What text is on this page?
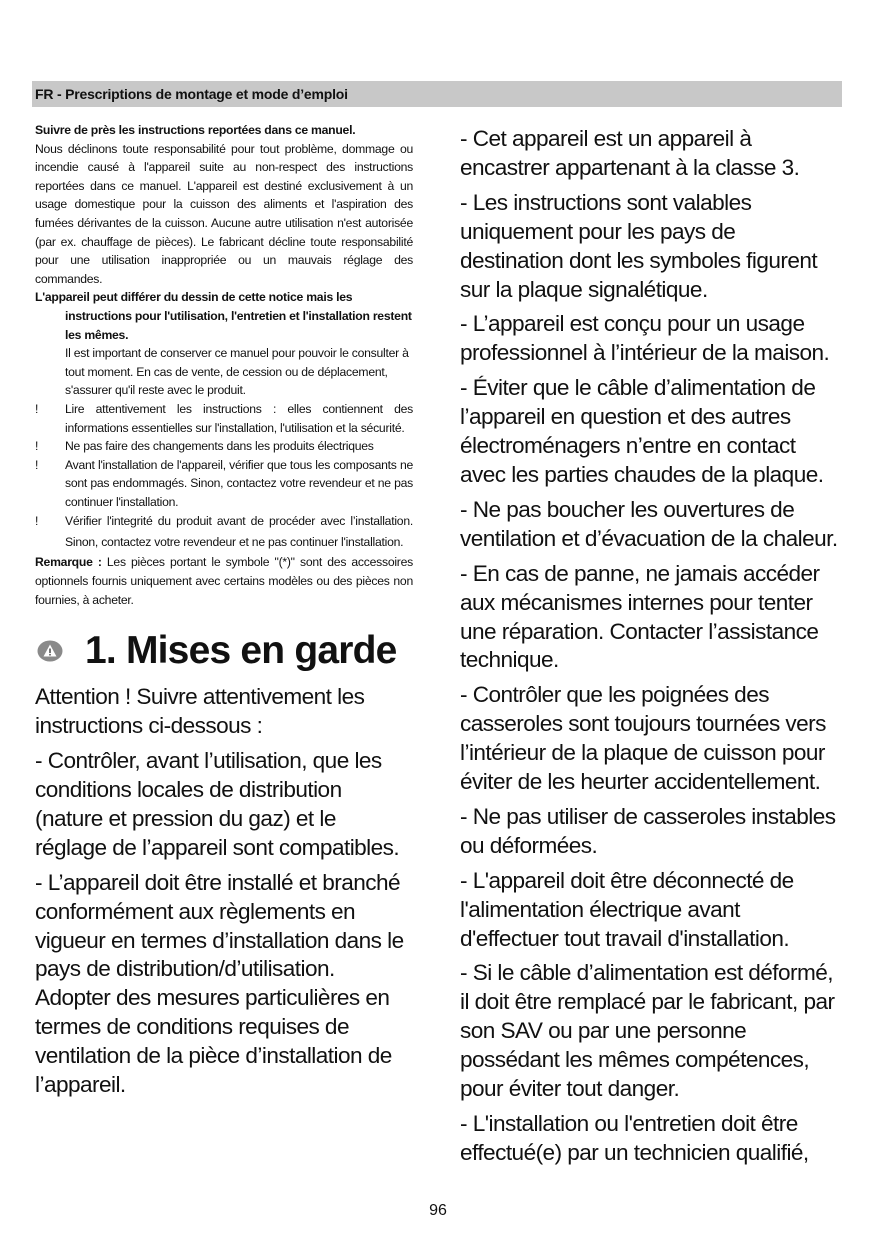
FR - Prescriptions de montage et mode d’emploi

Suivre de près les instructions reportées dans ce manuel.
Nous déclinons toute responsabilité pour tout problème, dommage ou incendie causé à l'appareil suite au non-respect des instructions reportées dans ce manuel. L'appareil est destiné exclusivement à un usage domestique pour la cuisson des aliments et l'aspiration des fumées dérivantes de la cuisson. Aucune autre utilisation n'est autorisée (par ex. chauffage de pièces). Le fabricant décline toute responsabilité pour une utilisation inappropriée ou un mauvais réglage des commandes.

L'appareil peut différer du dessin de cette notice mais les

instructions pour l'utilisation, l'entretien et l'installation restent les mêmes.

Il est important de conserver ce manuel pour pouvoir le consulter à tout moment. En cas de vente, de cession ou de déplacement, s'assurer qu'il reste avec le produit.

!	Lire attentivement les instructions : elles contiennent des informations essentielles sur l'installation, l'utilisation et la sécurité.
!	Ne pas faire des changements dans les produits électriques
!	Avant l'installation de l'appareil, vérifier que tous les composants ne sont pas endommagés. Sinon, contactez votre revendeur et ne pas continuer l'installation.
!	Vérifier l'integrité du produit avant de procéder avec l’installation. Sinon, contactez votre revendeur et ne pas continuer l'installation.

Remarque : Les pièces portant le symbole "(*)" sont des accessoires optionnels fournis uniquement avec certains modèles ou des pièces non fournies, à acheter.

1. Mises en garde

Attention ! Suivre attentivement les instructions ci-dessous :

- Contrôler, avant l’utilisation, que les conditions locales de distribution (nature et pression du gaz) et le réglage de l’appareil sont compatibles.

- L’appareil doit être installé et branché conformément aux règlements en vigueur en termes d’installation dans le pays de distribution/d’utilisation. Adopter des mesures particulières en termes de conditions requises de ventilation de la pièce d’installation de l’appareil.

- Cet appareil est un appareil à encastrer appartenant à la classe 3.

- Les instructions sont valables uniquement pour les pays de destination dont les symboles figurent sur la plaque signalétique.

- L’appareil est conçu pour un usage professionnel à l’intérieur de la maison.

- Éviter que le câble d’alimentation de l’appareil en question et des autres électroménagers n’entre en contact avec les parties chaudes de la plaque.

- Ne pas boucher les ouvertures de ventilation et d’évacuation de la chaleur.

- En cas de panne, ne jamais accéder aux mécanismes internes pour tenter une réparation. Contacter l’assistance technique.

- Contrôler que les poignées des casseroles sont toujours tournées vers l’intérieur de la plaque de cuisson pour éviter de les heurter accidentellement.

- Ne pas utiliser de casseroles instables ou déformées.

- L'appareil doit être déconnecté de l'alimentation électrique avant d'effectuer tout travail d'installation.

- Si le câble d’alimentation est déformé, il doit être remplacé par le fabricant, par son SAV ou par une personne possédant les mêmes compétences, pour éviter tout danger.

- L'installation ou l'entretien doit être effectué(e) par un technicien qualifié,

96
